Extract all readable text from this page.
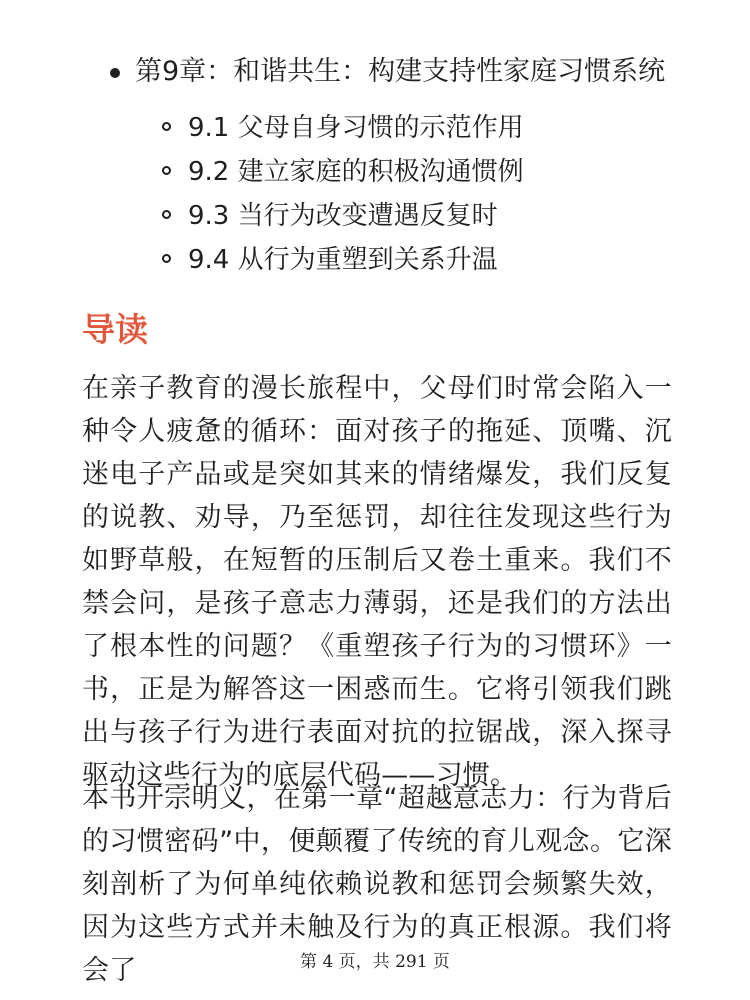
第9章：和谐共生：构建支持性家庭习惯系统
9.1 父母自身习惯的示范作用
9.2 建立家庭的积极沟通惯例
9.3 当行为改变遭遇反复时
9.4 从行为重塑到关系升温
导读

在亲子教育的漫长旅程中，父母们时常会陷入一种令人疲惫的循环：面对孩子的拖延、顶嘴、沉迷电子产品或是突如其来的情绪爆发，我们反复的说教、劝导，乃至惩罚，却往往发现这些行为如野草般，在短暂的压制后又卷土重来。我们不禁会问，是孩子意志力薄弱，还是我们的方法出了根本性的问题？《重塑孩子行为的习惯环》一书，正是为解答这一困惑而生。它将引领我们跳出与孩子行为进行表面对抗的拉锯战，深入探寻驱动这些行为的底层代码——习惯。

本书开宗明义，在第一章“超越意志力：行为背后的习惯密码”中，便颠覆了传统的育儿观念。它深刻剖析了为何单纯依赖说教和惩罚会频繁失效，因为这些方式并未触及行为的真正根源。我们将会了	第 4 页，共 291 页
